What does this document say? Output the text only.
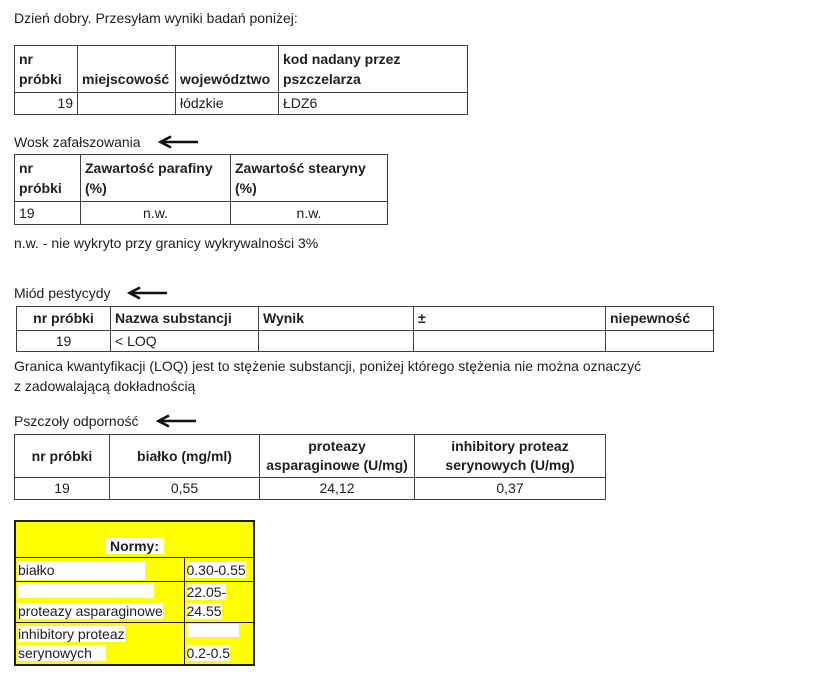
Dzień dobry. Przesyłam wyniki badań poniżej:

nr próbki	miejscowość	województwo	kod nadany przez pszczelarza
19		łódzkie	ŁDZ6
Wosk zafałszowania
nr próbki	Zawartość parafiny (%)	Zawartość stearyny (%)
19	n.w.	n.w.

n.w. - nie wykryto przy granicy wykrywalności 3%

Miód pestycydy
nr próbki	Nazwa substancji	Wynik	±	niepewność
19	< LOQ			

Granica kwantyfikacji (LOQ) jest to stężenie substancji, poniżej którego stężenia nie można oznaczyć
z zadowalającą dokładnością

Pszczoły odporność
nr próbki	białko (mg/ml)	proteazy asparaginowe (U/mg)	inhibitory proteaz serynowych (U/mg)
19	0,55	24,12	0,37
Normy:	
białko	0.30-0.55

proteazy asparaginowe	22.05-24.55
inhibitory proteaz serynowych	0.2-0.5
